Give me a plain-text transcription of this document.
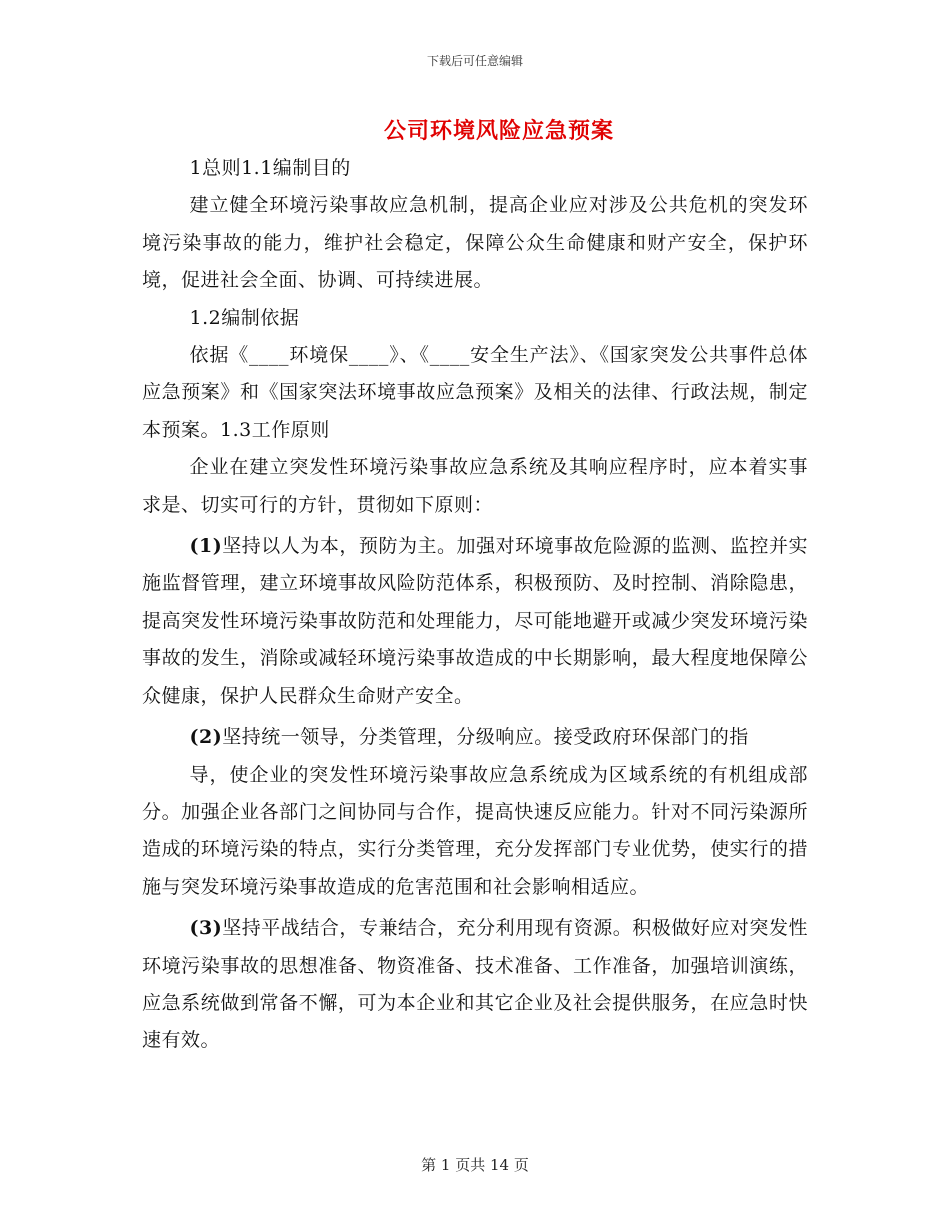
下载后可任意编辑
公司环境风险应急预案

1总则1.1编制目的

建立健全环境污染事故应急机制，提高企业应对涉及公共危机的突发环境污染事故的能力，维护社会稳定，保障公众生命健康和财产安全，保护环境，促进社会全面、协调、可持续进展。

1.2编制依据

依据《____环境保____》、《____安全生产法》、《国家突发公共事件总体应急预案》和《国家突法环境事故应急预案》及相关的法律、行政法规，制定本预案。1.3工作原则

企业在建立突发性环境污染事故应急系统及其响应程序时，应本着实事求是、切实可行的方针，贯彻如下原则：

(1)坚持以人为本，预防为主。加强对环境事故危险源的监测、监控并实施监督管理，建立环境事故风险防范体系，积极预防、及时控制、消除隐患，提高突发性环境污染事故防范和处理能力，尽可能地避开或减少突发环境污染事故的发生，消除或减轻环境污染事故造成的中长期影响，最大程度地保障公众健康，保护人民群众生命财产安全。

(2)坚持统一领导，分类管理，分级响应。接受政府环保部门的指

导，使企业的突发性环境污染事故应急系统成为区域系统的有机组成部分。加强企业各部门之间协同与合作，提高快速反应能力。针对不同污染源所造成的环境污染的特点，实行分类管理，充分发挥部门专业优势，使实行的措施与突发环境污染事故造成的危害范围和社会影响相适应。

(3)坚持平战结合，专兼结合，充分利用现有资源。积极做好应对突发性环境污染事故的思想准备、物资准备、技术准备、工作准备，加强培训演练，应急系统做到常备不懈，可为本企业和其它企业及社会提供服务，在应急时快速有效。

第 1 页共 14 页
